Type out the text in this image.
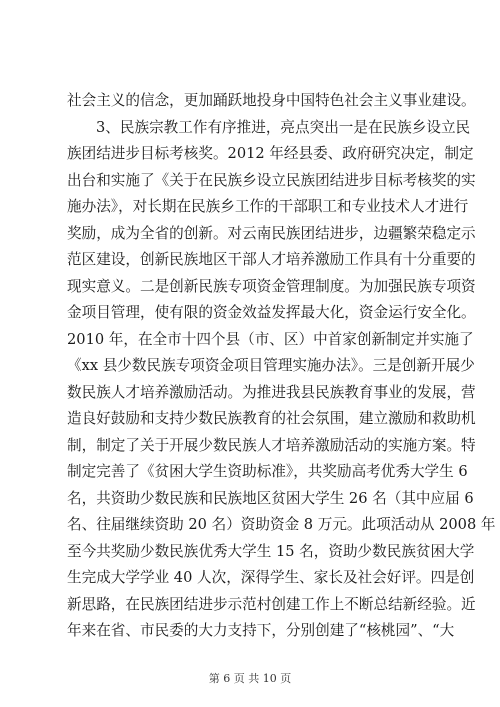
社会主义的信念，更加踊跃地投身中国特色社会主义事业建设。
3、民族宗教工作有序推进，亮点突出一是在民族乡设立民
族团结进步目标考核奖。2012 年经县委、政府研究决定，制定
出台和实施了《关于在民族乡设立民族团结进步目标考核奖的实
施办法》，对长期在民族乡工作的干部职工和专业技术人才进行
奖励，成为全省的创新。对云南民族团结进步，边疆繁荣稳定示
范区建设，创新民族地区干部人才培养激励工作具有十分重要的
现实意义。二是创新民族专项资金管理制度。为加强民族专项资
金项目管理，使有限的资金效益发挥最大化，资金运行安全化。
2010 年，在全市十四个县（市、区）中首家创新制定并实施了
《xx 县少数民族专项资金项目管理实施办法》。三是创新开展少
数民族人才培养激励活动。为推进我县民族教育事业的发展，营
造良好鼓励和支持少数民族教育的社会氛围，建立激励和救助机
制，制定了关于开展少数民族人才培养激励活动的实施方案。特
制定完善了《贫困大学生资助标准》，共奖励高考优秀大学生 6
名，共资助少数民族和民族地区贫困大学生 26 名（其中应届 6
名、往届继续资助 20 名）资助资金 8 万元。此项活动从 2008 年
至今共奖励少数民族优秀大学生 15 名，资助少数民族贫困大学
生完成大学学业 40 人次，深得学生、家长及社会好评。四是创
新思路，在民族团结进步示范村创建工作上不断总结新经验。近
年来在省、市民委的大力支持下，分别创建了“核桃园”、“大
第 6 页 共 10 页
